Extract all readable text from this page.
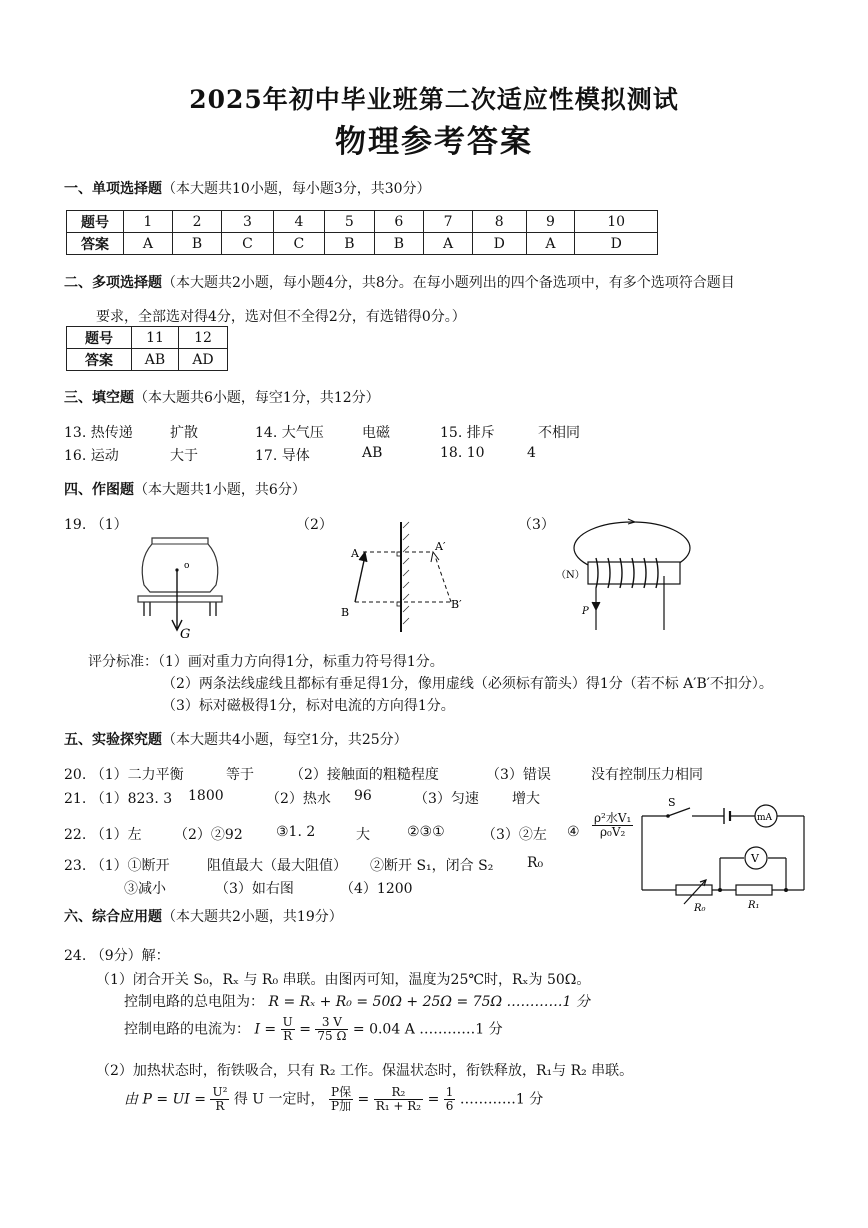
2025年初中毕业班第二次适应性模拟测试
物理参考答案
一、单项选择题（本大题共10小题，每小题3分，共30分）
题号	1	2	3	4	5	6	7	8	9	10
答案	A	B	C	C	B	B	A	D	A	D
二、多项选择题（本大题共2小题，每小题4分，共8分。在每小题列出的四个备选项中，有多个选项符合题目
要求，全部选对得4分，选对但不全得2分，有选错得0分。）
题号	11	12
答案	AB	AD
三、填空题（本大题共6小题，每空1分，共12分）
13. 热传递	扩散	14. 大气压	电磁	15. 排斥	不相同
16. 运动	大于	17. 导体	AB	18. 10	4
四、作图题（本大题共1小题，共6分）
19. （1）	（2）	（3）
o
G
A
A′
B
B′
（N）
P
评分标准：（1）画对重力方向得1分，标重力符号得1分。
（2）两条法线虚线且都标有垂足得1分，像用虚线（必须标有箭头）得1分（若不标 A′B′不扣分）。
（3）标对磁极得1分，标对电流的方向得1分。
五、实验探究题（本大题共4小题，每空1分，共25分）
20. （1）二力平衡	等于	（2）接触面的粗糙程度	（3）错误	没有控制压力相同
21. （1）823. 3 1800	（2）热水 96	（3）匀速 增大
22. （1）左 （2）②92 ③1. 2	大	②③①	（3）②左 ④ $\frac{\text{ρ²水V₁}}{\text{ρ₀V₂}}$
23. （1）①断开	阻值最大（最大阻值） ②断开 S₁，闭合 S₂ R₀
③减小	（3）如右图	（4）1200
S
mA
V
R₀	R₁
六、综合应用题（本大题共2小题，共19分）
24. （9分）解：
（1）闭合开关 S₀，Rₓ 与 R₀ 串联。由图丙可知，温度为25℃时，Rₓ为 50Ω。
控制电路的总电阻为： R = Rₓ + R₀ = 50Ω + 25Ω = 75Ω …………1 分
控制电路的电流为： $I = \frac{U}{R} = \frac{3 V}{75 \Omega} = 0.04$ A …………1 分
（2）加热状态时，衔铁吸合，只有 R₂ 工作。保温状态时，衔铁释放，R₁与 R₂ 串联。
由 P = UI = $\frac{\text{U²}}{R}$ 得 U 一定时， $\frac{\text{P保}}{\text{P加}} = \frac{\text{R₂}}{\text{R₁ + R₂}} = \frac{1}{6}$ …………1 分
